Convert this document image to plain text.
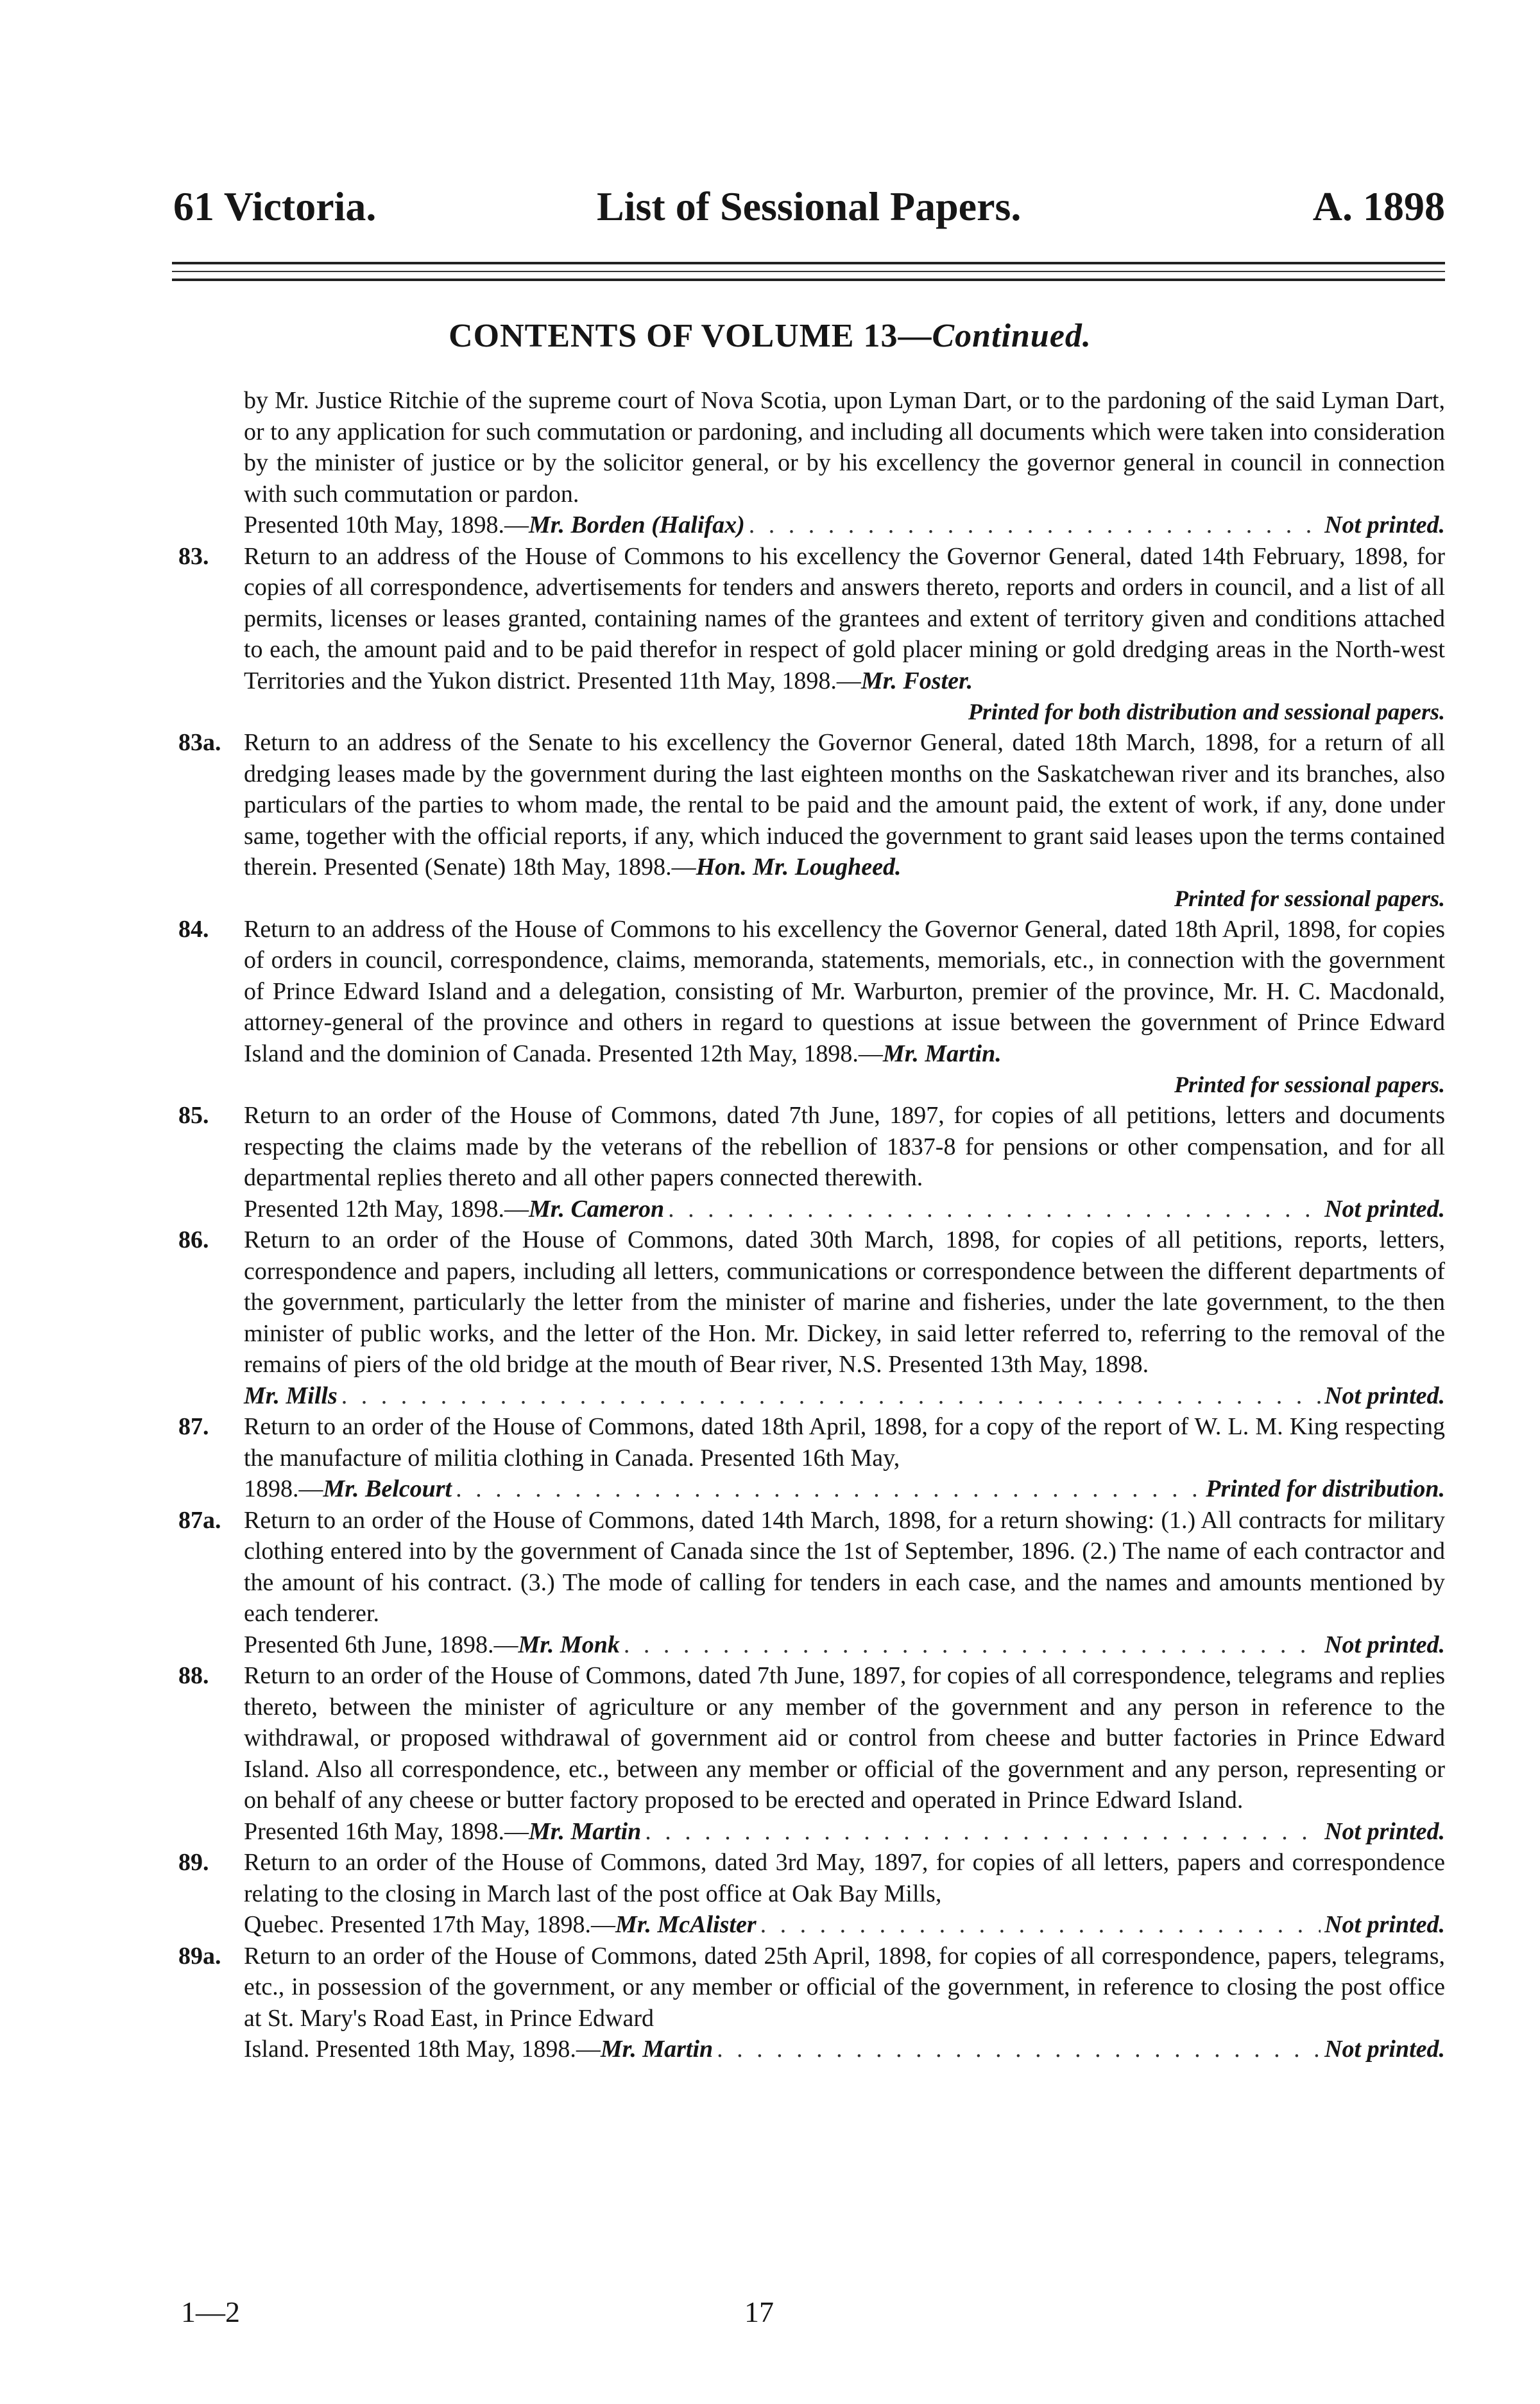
61 Victoria.	List of Sessional Papers.	A. 1898
CONTENTS OF VOLUME 13—Continued.

by Mr. Justice Ritchie of the supreme court of Nova Scotia, upon Lyman Dart, or to the pardoning of the said Lyman Dart, or to any application for such commutation or pardoning, and including all documents which were taken into consideration by the minister of justice or by the solicitor general, or by his excellency the governor general in council in connection with such commutation or pardon.

Presented 10th May, 1898.—Mr. Borden (Halifax) . . .	Not printed.

83. Return to an address of the House of Commons to his excellency the Governor General, dated 14th February, 1898, for copies of all correspondence, advertisements for tenders and answers thereto, reports and orders in council, and a list of all permits, licenses or leases granted, containing names of the grantees and extent of territory given and conditions attached to each, the amount paid and to be paid therefor in respect of gold placer mining or gold dredging areas in the North-west Territories and the Yukon district. Presented 11th May, 1898.—Mr. Foster.

Printed for both distribution and sessional papers.

83a. Return to an address of the Senate to his excellency the Governor General, dated 18th March, 1898, for a return of all dredging leases made by the government during the last eighteen months on the Saskatchewan river and its branches, also particulars of the parties to whom made, the rental to be paid and the amount paid, the extent of work, if any, done under same, together with the official reports, if any, which induced the government to grant said leases upon the terms contained therein. Presented (Senate) 18th May, 1898.—Hon. Mr. Lougheed.

Printed for sessional papers.

84. Return to an address of the House of Commons to his excellency the Governor General, dated 18th April, 1898, for copies of orders in council, correspondence, claims, memoranda, statements, memorials, etc., in connection with the government of Prince Edward Island and a delegation, consisting of Mr. Warburton, premier of the province, Mr. H. C. Macdonald, attorney-general of the province and others in regard to questions at issue between the government of Prince Edward Island and the dominion of Canada. Presented 12th May, 1898.—Mr. Martin.

Printed for sessional papers.

85. Return to an order of the House of Commons, dated 7th June, 1897, for copies of all petitions, letters and documents respecting the claims made by the veterans of the rebellion of 1837-8 for pensions or other compensation, and for all departmental replies thereto and all other papers connected therewith.

Presented 12th May, 1898.—Mr. Cameron . . .	Not printed.

86. Return to an order of the House of Commons, dated 30th March, 1898, for copies of all petitions, reports, letters, correspondence and papers, including all letters, communications or correspondence between the different departments of the government, particularly the letter from the minister of marine and fisheries, under the late government, to the then minister of public works, and the letter of the Hon. Mr. Dickey, in said letter referred to, referring to the removal of the remains of piers of the old bridge at the mouth of Bear river, N.S. Presented 13th May, 1898.

Mr. Mills . . .	Not printed.

87. Return to an order of the House of Commons, dated 18th April, 1898, for a copy of the report of W. L. M. King respecting the manufacture of militia clothing in Canada. Presented 16th May,

1898.—Mr. Belcourt . . .	Printed for distribution.

87a. Return to an order of the House of Commons, dated 14th March, 1898, for a return showing: (1.) All contracts for military clothing entered into by the government of Canada since the 1st of September, 1896. (2.) The name of each contractor and the amount of his contract. (3.) The mode of calling for tenders in each case, and the names and amounts mentioned by each tenderer.

Presented 6th June, 1898.—Mr. Monk . . .	Not printed.

88. Return to an order of the House of Commons, dated 7th June, 1897, for copies of all correspondence, telegrams and replies thereto, between the minister of agriculture or any member of the government and any person in reference to the withdrawal, or proposed withdrawal of government aid or control from cheese and butter factories in Prince Edward Island. Also all correspondence, etc., between any member or official of the government and any person, representing or on behalf of any cheese or butter factory proposed to be erected and operated in Prince Edward Island.

Presented 16th May, 1898.—Mr. Martin . . .	Not printed.

89. Return to an order of the House of Commons, dated 3rd May, 1897, for copies of all letters, papers and correspondence relating to the closing in March last of the post office at Oak Bay Mills,

Quebec. Presented 17th May, 1898.—Mr. McAlister . . .	Not printed.

89a. Return to an order of the House of Commons, dated 25th April, 1898, for copies of all correspondence, papers, telegrams, etc., in possession of the government, or any member or official of the government, in reference to closing the post office at St. Mary's Road East, in Prince Edward

Island. Presented 18th May, 1898.—Mr. Martin . . .	Not printed.

1—2	17
